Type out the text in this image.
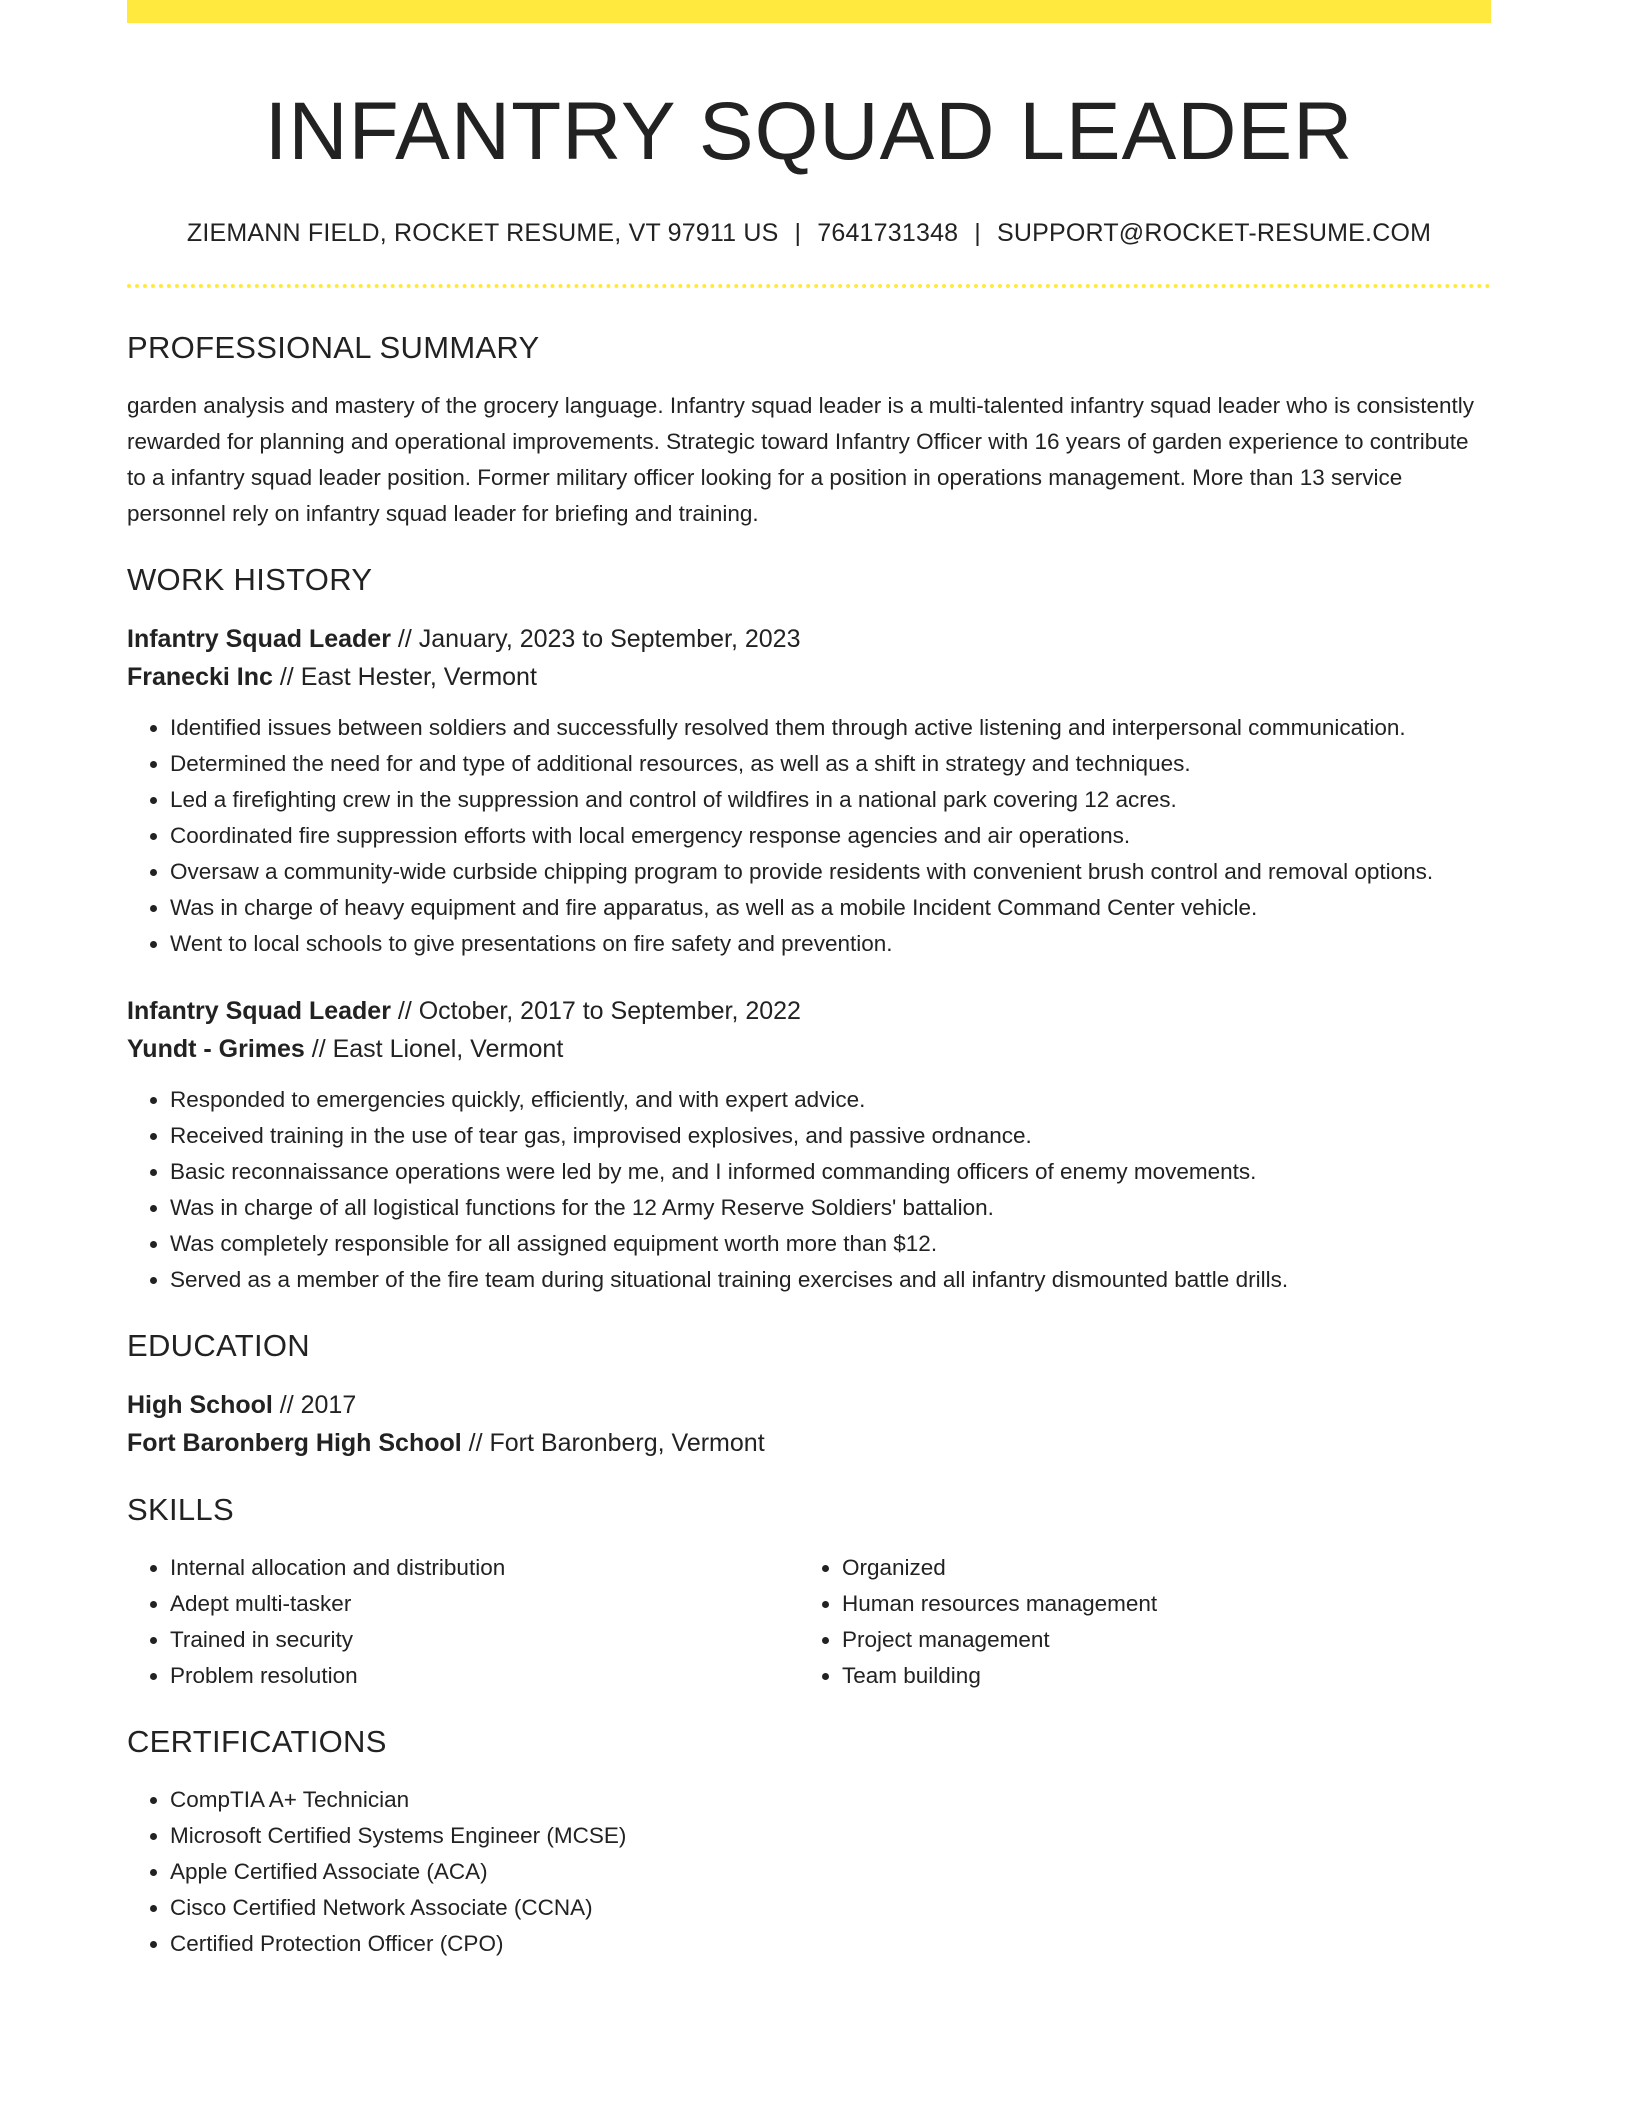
INFANTRY SQUAD LEADER
ZIEMANN FIELD, ROCKET RESUME, VT 97911 US | 7641731348 | SUPPORT@ROCKET-RESUME.COM
PROFESSIONAL SUMMARY

garden analysis and mastery of the grocery language. Infantry squad leader is a multi-talented infantry squad leader who is consistently rewarded for planning and operational improvements. Strategic toward Infantry Officer with 16 years of garden experience to contribute to a infantry squad leader position. Former military officer looking for a position in operations management. More than 13 service personnel rely on infantry squad leader for briefing and training.

WORK HISTORY
Infantry Squad Leader // January, 2023 to September, 2023
Franecki Inc // East Hester, Vermont
• Identified issues between soldiers and successfully resolved them through active listening and interpersonal communication.
• Determined the need for and type of additional resources, as well as a shift in strategy and techniques.
• Led a firefighting crew in the suppression and control of wildfires in a national park covering 12 acres.
• Coordinated fire suppression efforts with local emergency response agencies and air operations.
• Oversaw a community-wide curbside chipping program to provide residents with convenient brush control and removal options.
• Was in charge of heavy equipment and fire apparatus, as well as a mobile Incident Command Center vehicle.
• Went to local schools to give presentations on fire safety and prevention.
Infantry Squad Leader // October, 2017 to September, 2022
Yundt - Grimes // East Lionel, Vermont
• Responded to emergencies quickly, efficiently, and with expert advice.
• Received training in the use of tear gas, improvised explosives, and passive ordnance.
• Basic reconnaissance operations were led by me, and I informed commanding officers of enemy movements.
• Was in charge of all logistical functions for the 12 Army Reserve Soldiers' battalion.
• Was completely responsible for all assigned equipment worth more than $12.
• Served as a member of the fire team during situational training exercises and all infantry dismounted battle drills.
EDUCATION
High School // 2017
Fort Baronberg High School // Fort Baronberg, Vermont
SKILLS
• Internal allocation and distribution
• Adept multi-tasker
• Trained in security
• Problem resolution
• Organized
• Human resources management
• Project management
• Team building
CERTIFICATIONS
• CompTIA A+ Technician
• Microsoft Certified Systems Engineer (MCSE)
• Apple Certified Associate (ACA)
• Cisco Certified Network Associate (CCNA)
• Certified Protection Officer (CPO)
